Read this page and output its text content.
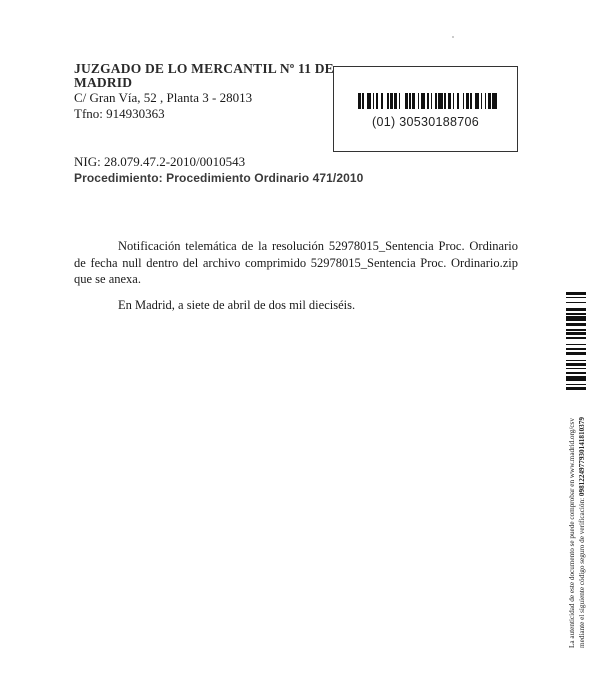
JUZGADO DE LO MERCANTIL Nº 11 DE
MADRID
C/ Gran Vía, 52 , Planta 3 - 28013
Tfno: 914930363
(01) 30530188706
NIG: 28.079.47.2-2010/0010543
Procedimiento: Procedimiento Ordinario 471/2010

Notificación telemática de la resolución 52978015_Sentencia Proc. Ordinario de fecha null dentro del archivo comprimido 52978015_Sentencia Proc. Ordinario.zip que se anexa.

En Madrid, a siete de abril de dos mil dieciséis.
La autenticidad de este documento se puede comprobar en www.madrid.org/csv mediante el siguiente código seguro de verificación: 0981224977930141810379
